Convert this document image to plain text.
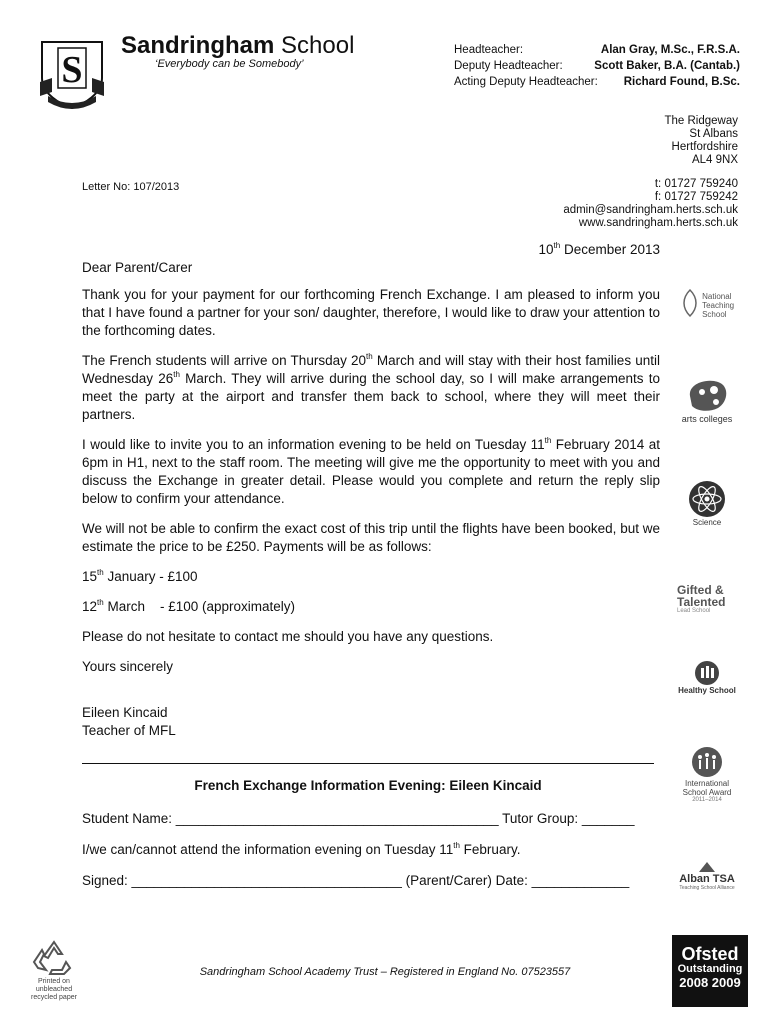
S
Sandringham School
‘Everybody can be Somebody’
Headteacher:	Alan Gray, M.Sc., F.R.S.A.
Deputy Headteacher:	Scott Baker, B.A. (Cantab.)
Acting Deputy Headteacher: Richard Found, B.Sc.
The Ridgeway
St Albans
Hertfordshire
AL4 9NX
Letter No: 107/2013	t: 01727 759240
f: 01727 759242
admin@sandringham.herts.sch.uk
www.sandringham.herts.sch.uk
10th December 2013

Dear Parent/Carer

Thank you for your payment for our forthcoming French Exchange. I am pleased to inform you that I have found a partner for your son/ daughter, therefore, I would like to draw your attention to the forthcoming dates.

The French students will arrive on Thursday 20th March and will stay with their host families until Wednesday 26th March. They will arrive during the school day, so I will make arrangements to meet the party at the airport and transfer them back to school, where they will meet their partners.

I would like to invite you to an information evening to be held on Tuesday 11th February 2014 at 6pm in H1, next to the staff room. The meeting will give me the opportunity to meet with you and discuss the Exchange in greater detail. Please would you complete and return the reply slip below to confirm your attendance.

We will not be able to confirm the exact cost of this trip until the flights have been booked, but we estimate the price to be £250. Payments will be as follows:

15th January - £100

12th March    - £100 (approximately)

Please do not hesitate to contact me should you have any questions.

Yours sincerely

Eileen Kincaid
Teacher of MFL
French Exchange Information Evening: Eileen Kincaid
Student Name: ___________________________________________ Tutor Group: _______
I/we can/cannot attend the information evening on Tuesday 11th February.
Signed: ____________________________________ (Parent/Carer) Date: _____________
Sandringham School Academy Trust – Registered in England No. 07523557
Printed on
unbleached
recycled paper

National
Teaching
School
arts colleges
Science
Gifted &
Talented
Lead School
Healthy School
International
School Award
2011–2014
Alban TSA
Teaching School Alliance
Ofsted
Outstanding
2008 2009
